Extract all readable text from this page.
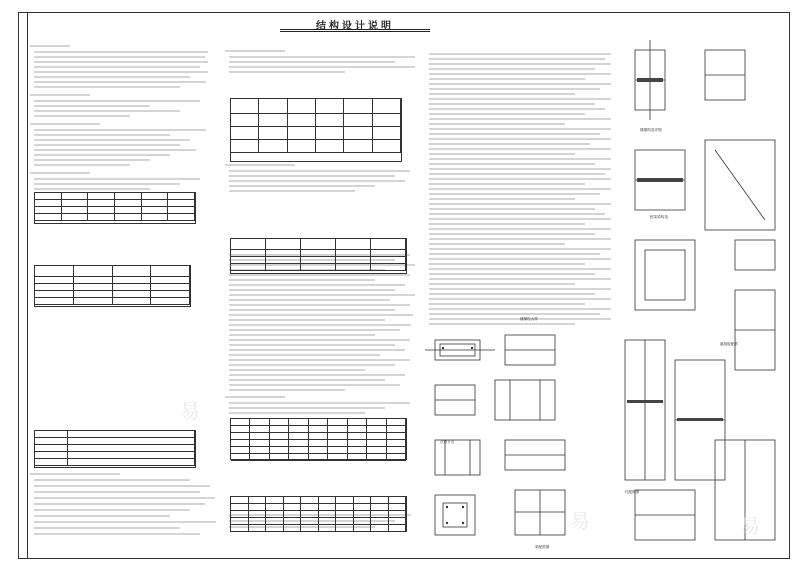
结构设计说明

楼梯构造详图
框架梁构造
悬挑板配筋
柱配筋图
楼梯柱大样
次梁节点
梁配筋图
易
易	易
